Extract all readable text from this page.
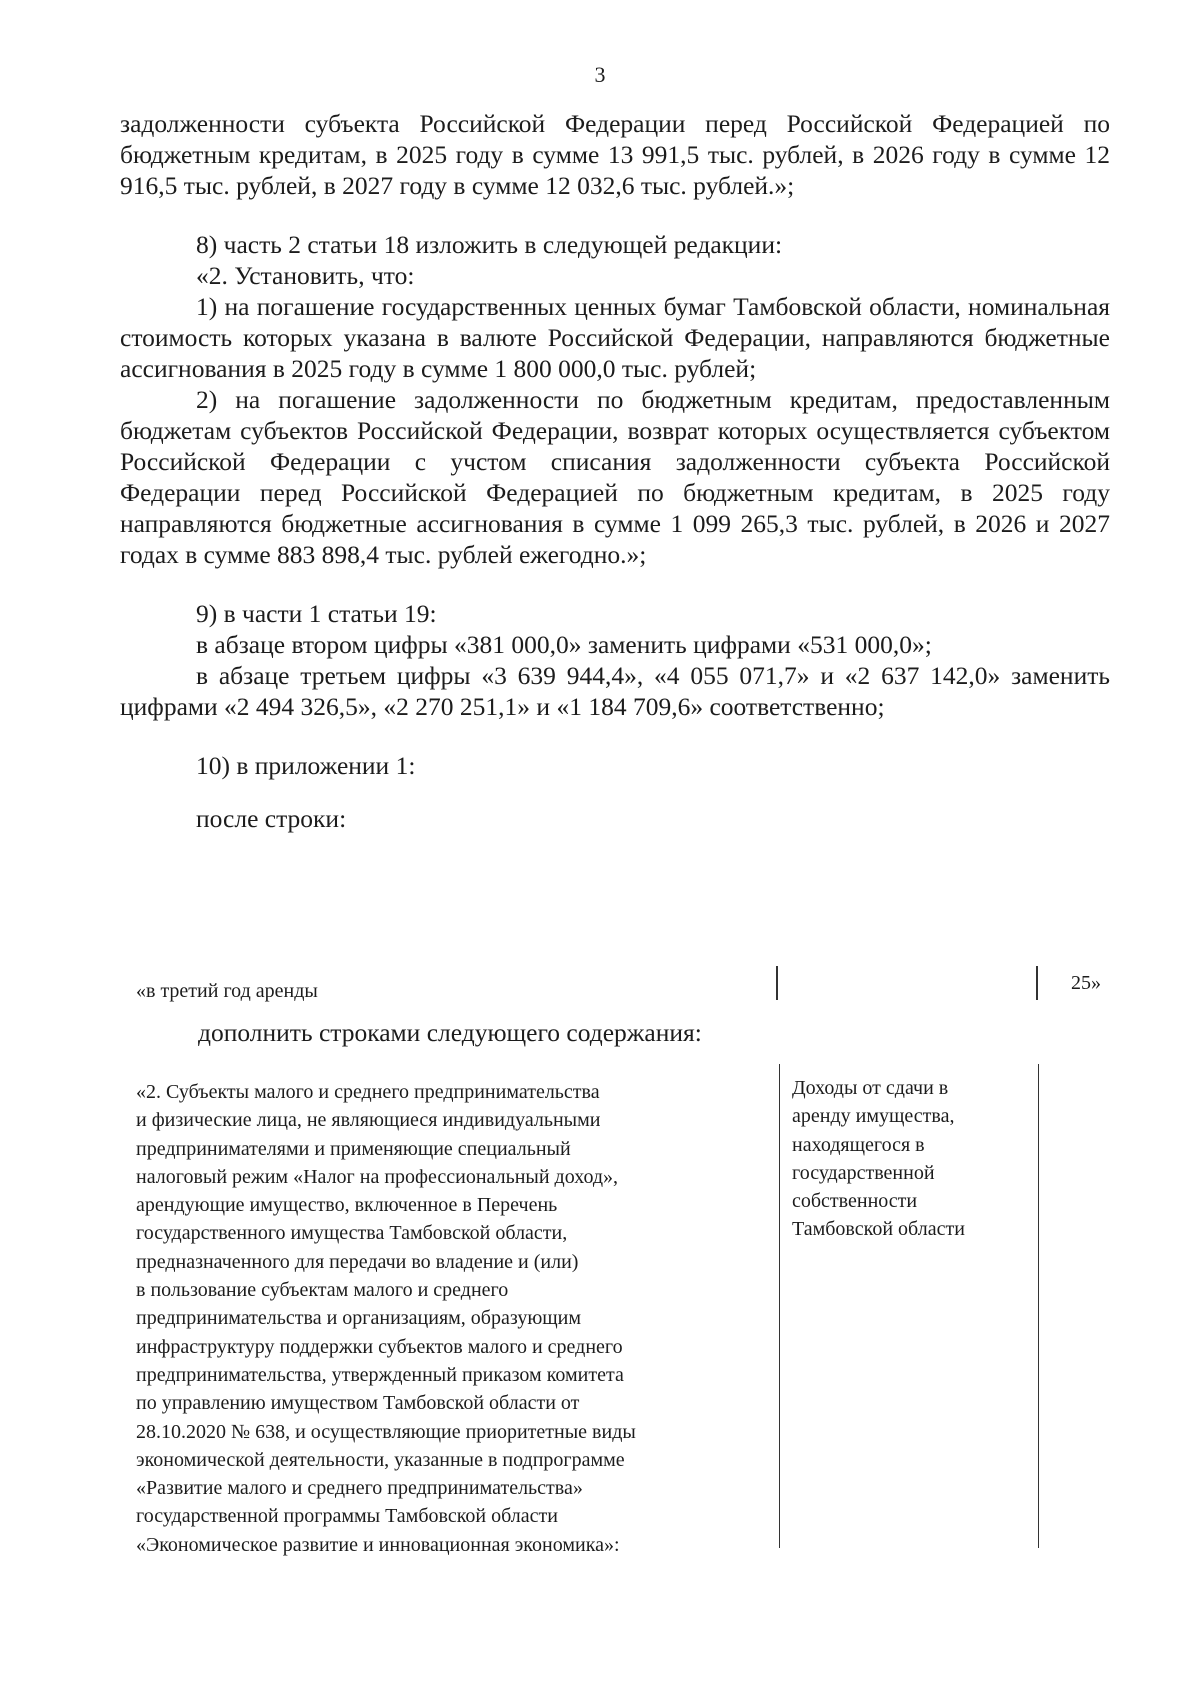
3

задолженности субъекта Российской Федерации перед Российской Федерацией по бюджетным кредитам, в 2025 году в сумме 13 991,5 тыс. рублей, в 2026 году в сумме 12 916,5 тыс. рублей, в 2027 году в сумме 12 032,6 тыс. рублей.»;

8) часть 2 статьи 18 изложить в следующей редакции:

«2. Установить, что:

1) на погашение государственных ценных бумаг Тамбовской области, номинальная стоимость которых указана в валюте Российской Федерации, направляются бюджетные ассигнования в 2025 году в сумме 1 800 000,0 тыс. рублей;

2) на погашение задолженности по бюджетным кредитам, предоставленным бюджетам субъектов Российской Федерации, возврат которых осуществляется субъектом Российской Федерации с учстом списания задолженности субъекта Российской Федерации перед Российской Федерацией по бюджетным кредитам, в 2025 году направляются бюджетные ассигнования в сумме 1 099 265,3 тыс. рублей, в 2026 и 2027 годах в сумме 883 898,4 тыс. рублей ежегодно.»;

9) в части 1 статьи 19:

в абзаце втором цифры «381 000,0» заменить цифрами «531 000,0»;

в абзаце третьем цифры «3 639 944,4», «4 055 071,7» и «2 637 142,0» заменить цифрами «2 494 326,5», «2 270 251,1» и «1 184 709,6» соответственно;

10) в приложении 1:

после строки:

«в третий год аренды	25»
дополнить строками следующего содержания:
«2. Субъекты малого и среднего предпринимательства
и физические лица, не являющиеся индивидуальными
предпринимателями и применяющие специальный
налоговый режим «Налог на профессиональный доход»,
арендующие имущество, включенное в Перечень
государственного имущества Тамбовской области,
предназначенного для передачи во владение и (или)
в пользование субъектам малого и среднего
предпринимательства и организациям, образующим
инфраструктуру поддержки субъектов малого и среднего
предпринимательства, утвержденный приказом комитета
по управлению имуществом Тамбовской области от
28.10.2020 № 638, и осуществляющие приоритетные виды
экономической деятельности, указанные в подпрограмме
«Развитие малого и среднего предпринимательства»
государственной программы Тамбовской области
«Экономическое развитие и инновационная экономика»:
Доходы от сдачи в
аренду имущества,
находящегося в
государственной
собственности
Тамбовской области
